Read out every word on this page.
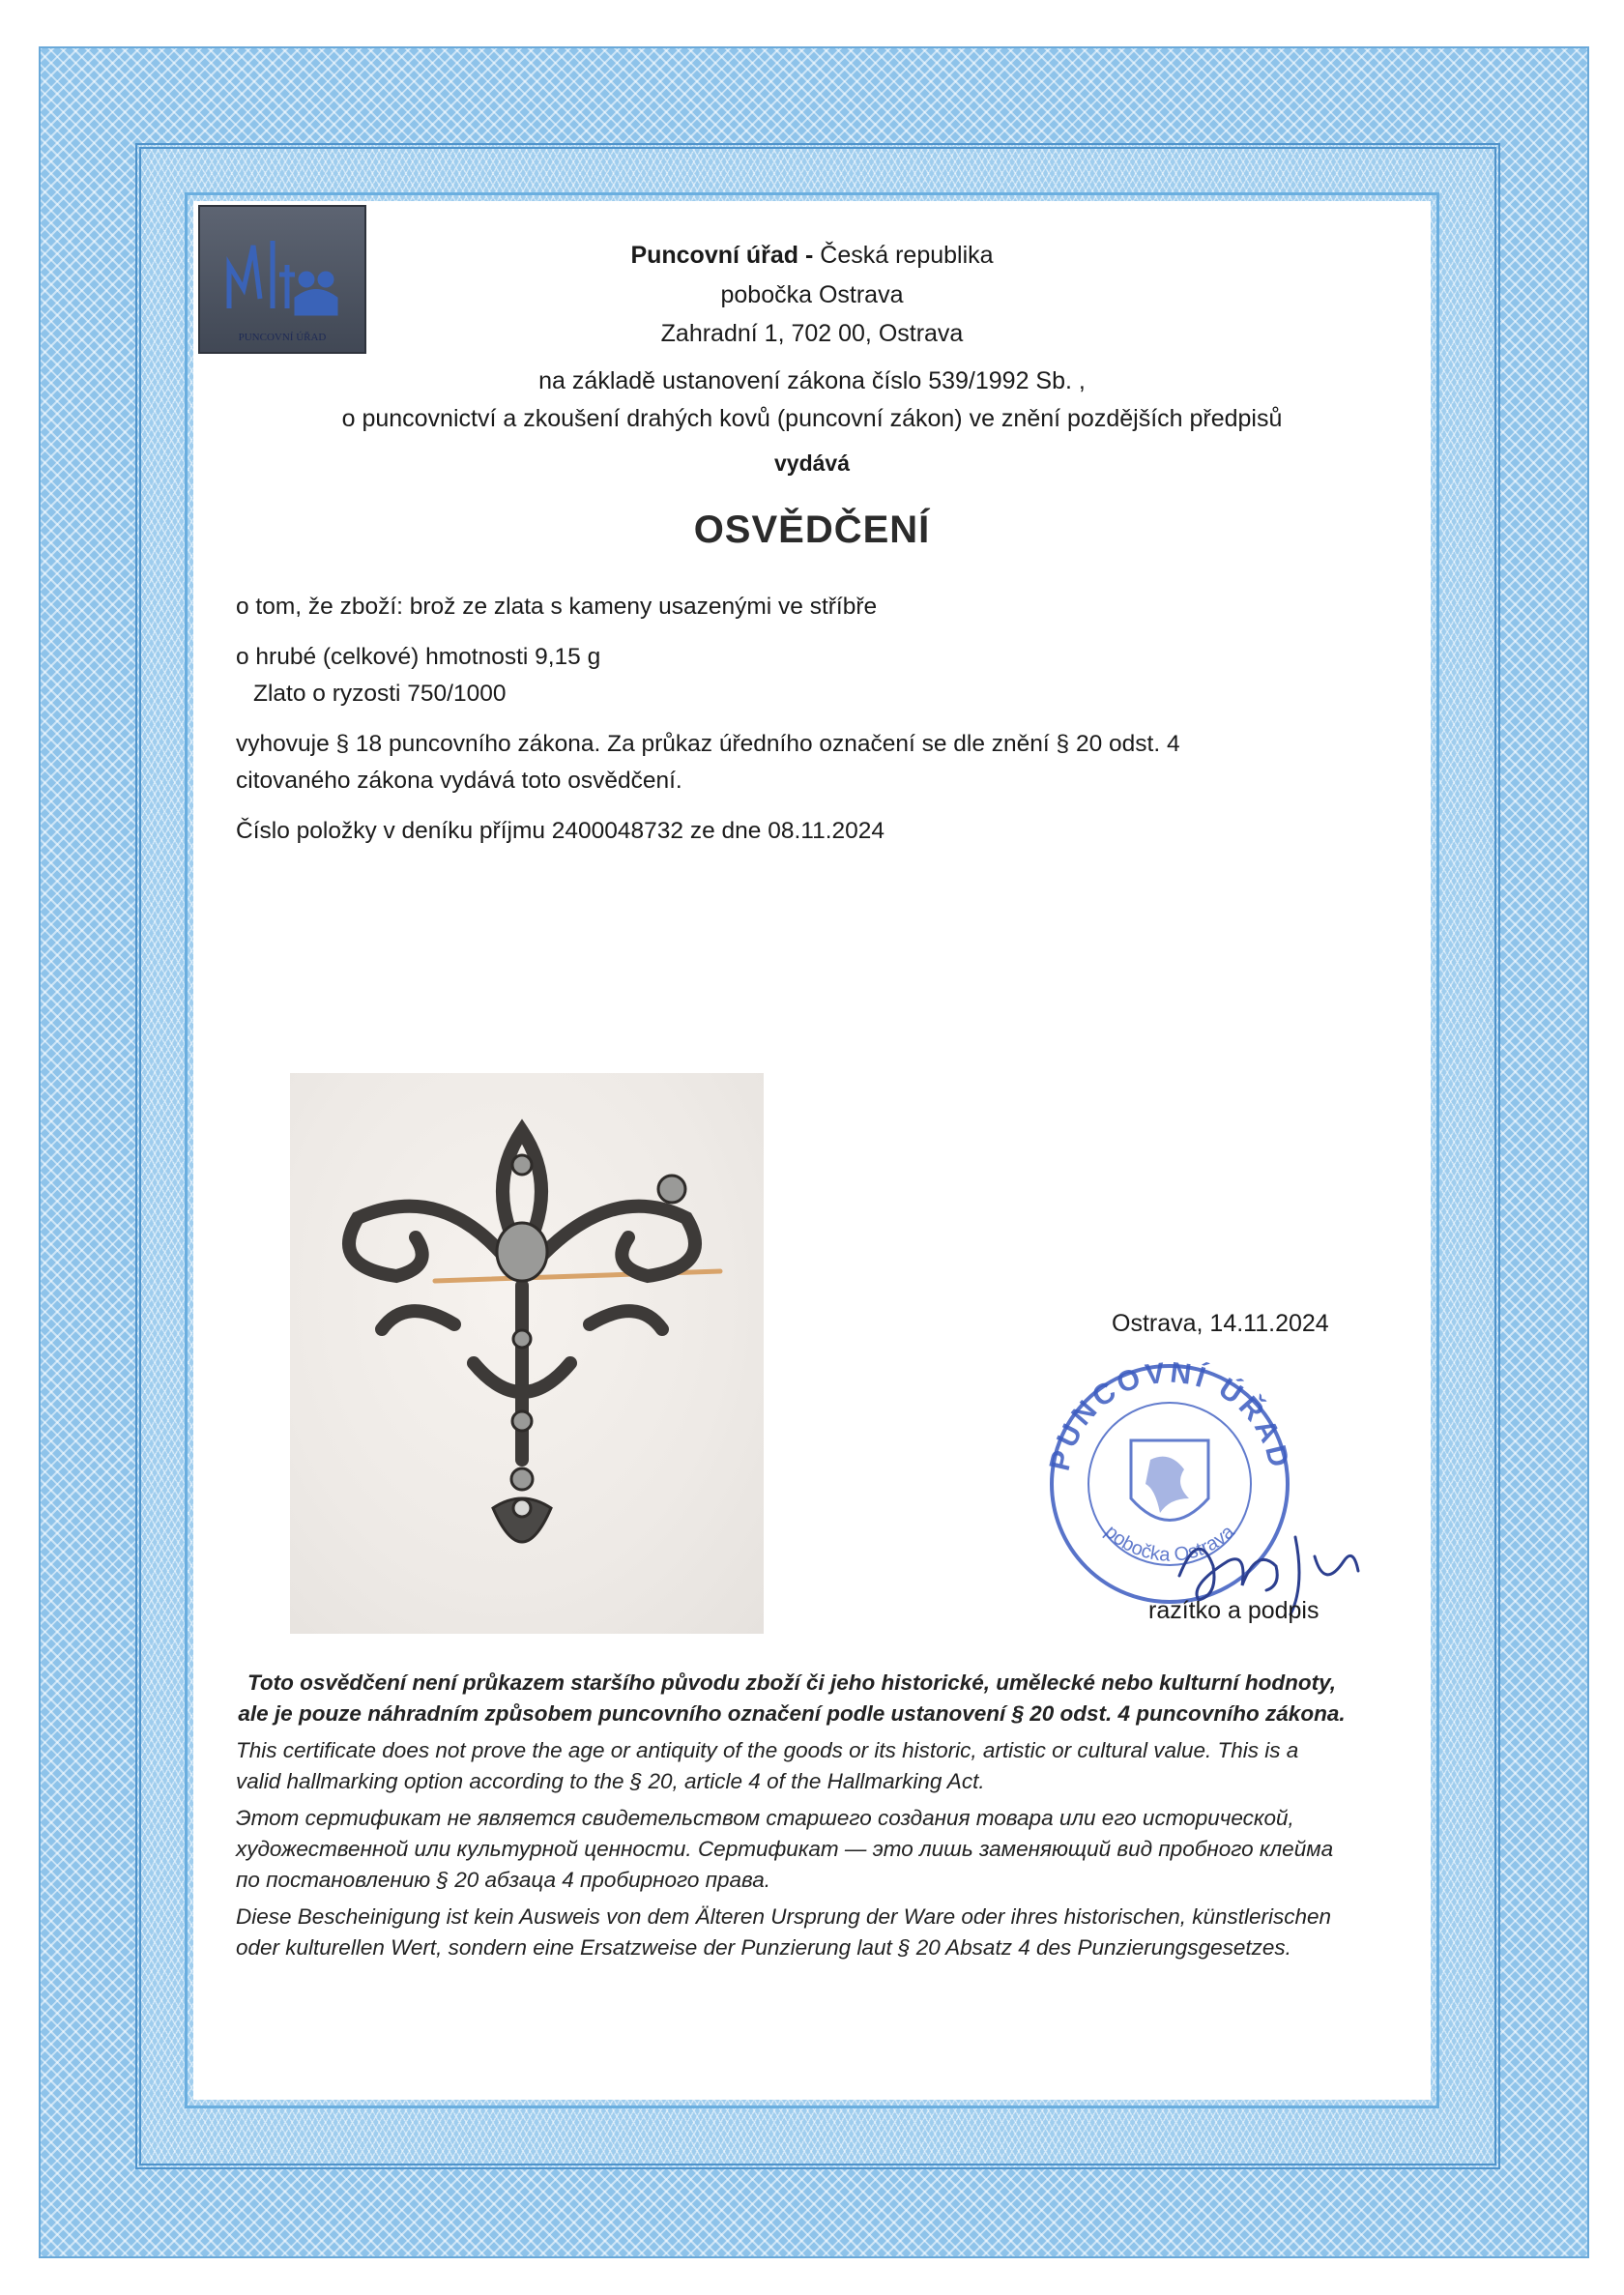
PUNCOVNÍ ÚŘAD
Puncovní úřad - Česká republika
pobočka Ostrava
Zahradní 1, 702 00, Ostrava
na základě ustanovení zákona číslo 539/1992 Sb. ,
o puncovnictví a zkoušení drahých kovů (puncovní zákon) ve znění pozdějších předpisů
vydává
OSVĚDČENÍ
o tom, že zboží: brož ze zlata s kameny usazenými ve stříbře
o hrubé (celkové) hmotnosti 9,15 g
Zlato o ryzosti 750/1000
vyhovuje § 18 puncovního zákona. Za průkaz úředního označení se dle znění § 20 odst. 4
citovaného zákona vydává toto osvědčení.
Číslo položky v deníku příjmu 2400048732 ze dne 08.11.2024
Ostrava, 14.11.2024
PUNCOVNÍ ÚŘAD
pobočka Ostrava
razítko a podpis

Toto osvědčení není průkazem staršího původu zboží či jeho historické, umělecké nebo kulturní hodnoty, ale je pouze náhradním způsobem puncovního označení podle ustanovení § 20 odst. 4 puncovního zákona.

This certificate does not prove the age or antiquity of the goods or its historic, artistic or cultural value. This is a valid hallmarking option according to the § 20, article 4 of the Hallmarking Act.

Этот сертификат не является свидетельством старшего создания товара или его исторической, художественной или культурной ценности. Сертификат — это лишь заменяющий вид пробного клейма по постановлению § 20 абзаца 4 пробирного права.

Diese Bescheinigung ist kein Ausweis von dem Älteren Ursprung der Ware oder ihres historischen, künstlerischen oder kulturellen Wert, sondern eine Ersatzweise der Punzierung laut § 20 Absatz 4 des Punzierungsgesetzes.
